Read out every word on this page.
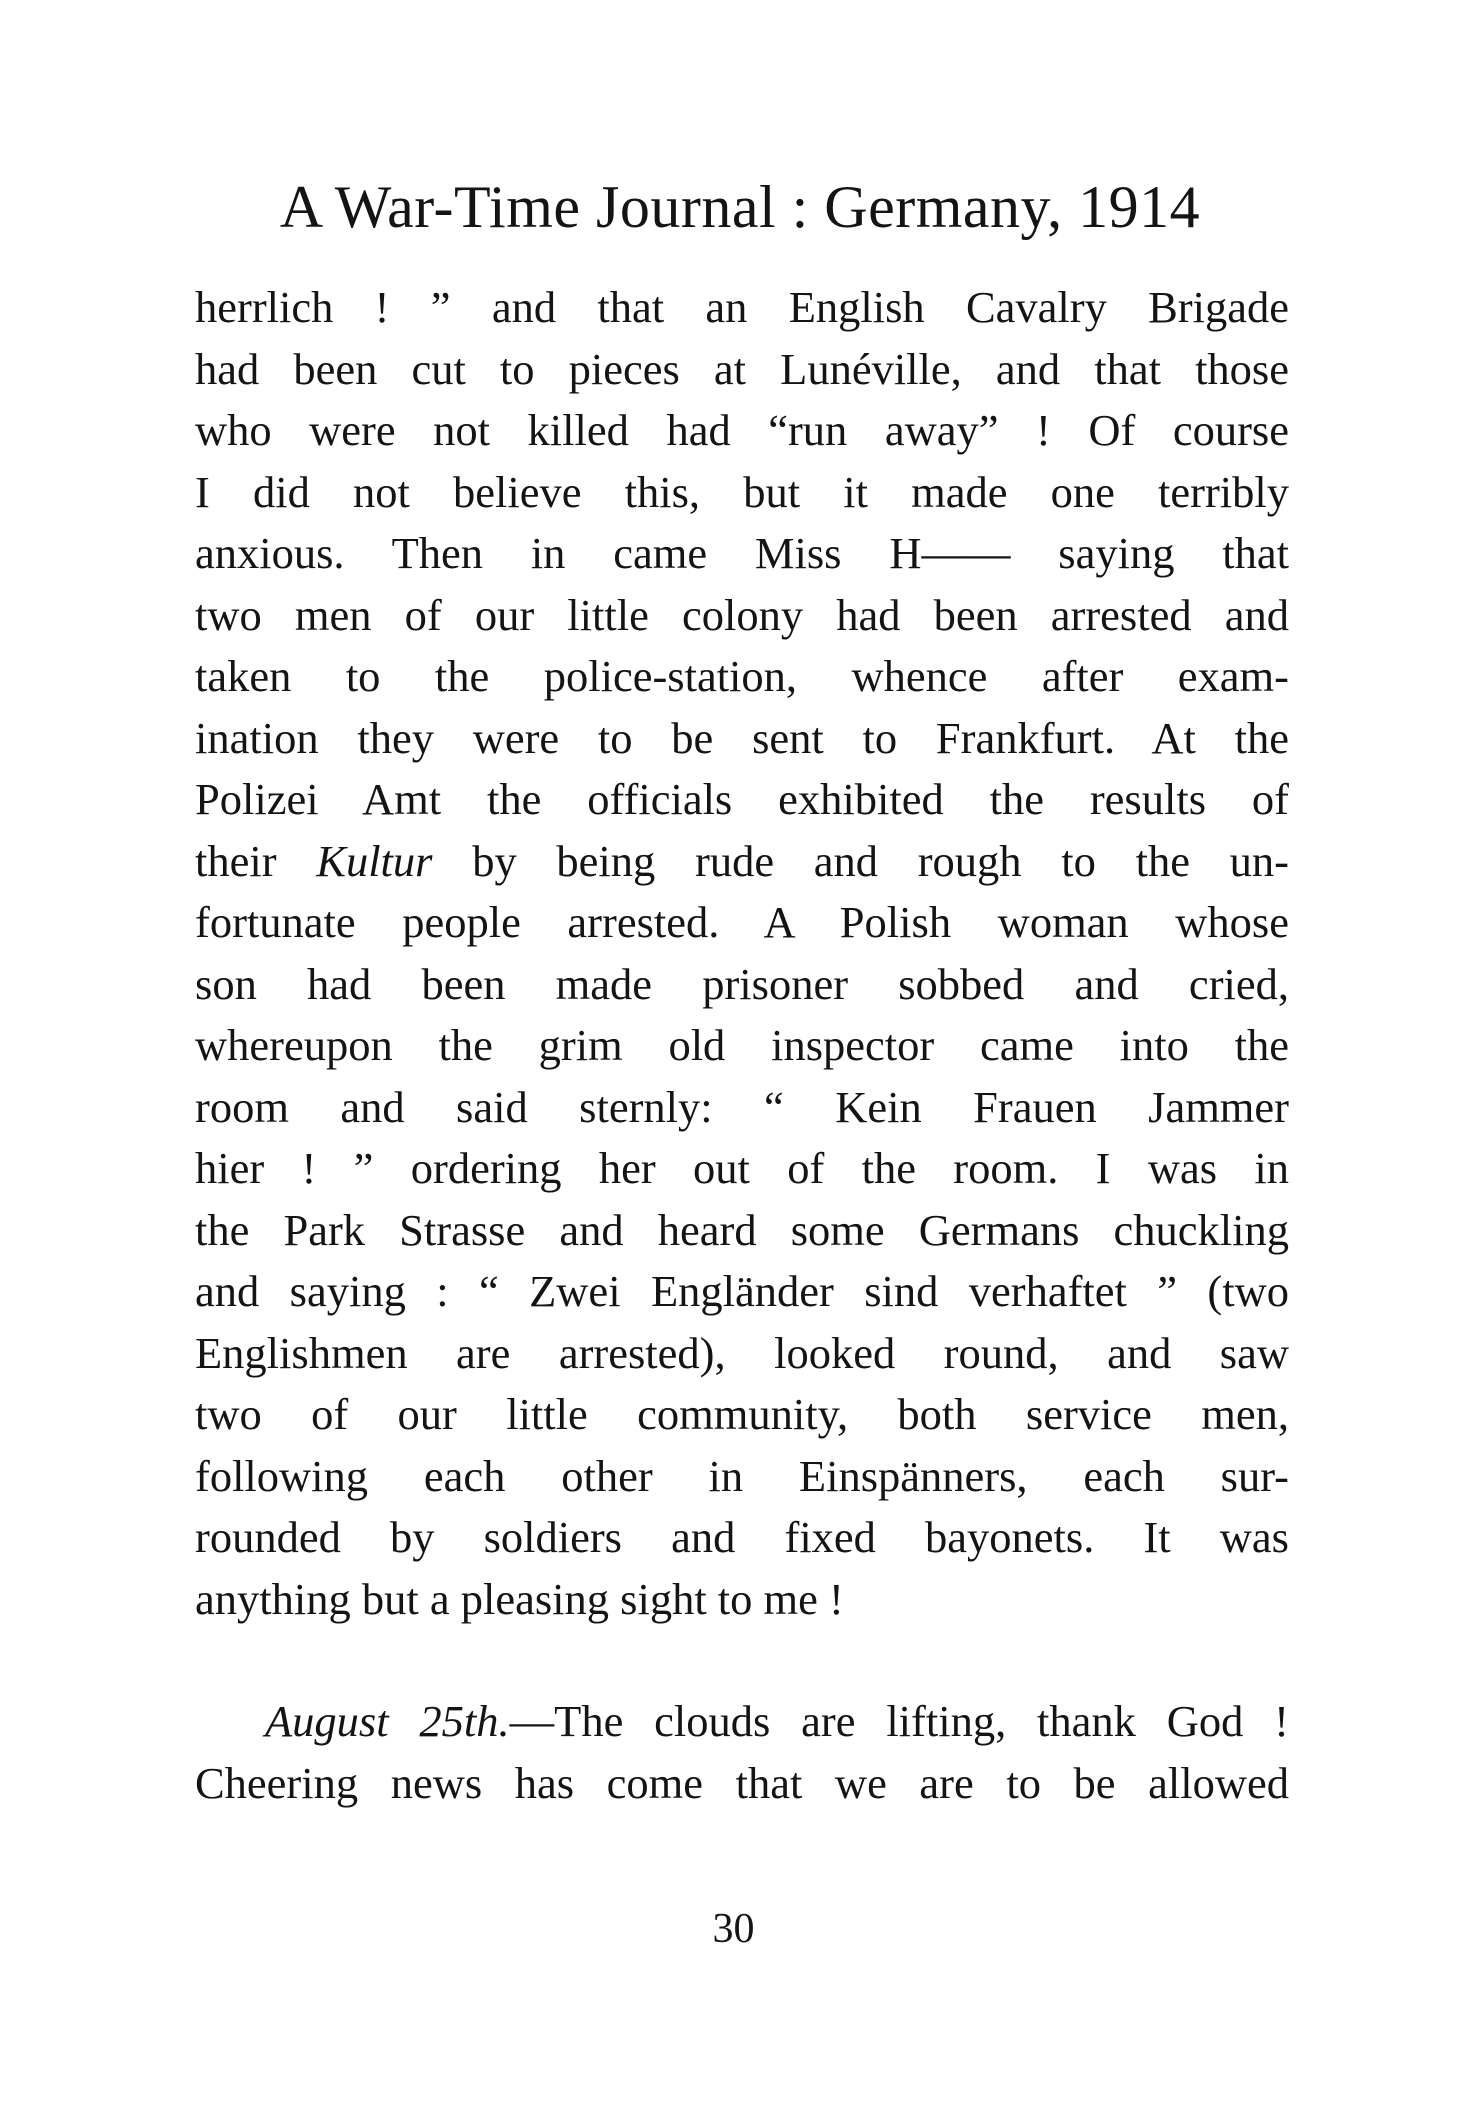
A War-Time Journal : Germany, 1914
herrlich ! ” and that an English Cavalry Brigade
had been cut to pieces at Lunéville, and that those
who were not killed had “run away” ! Of course
I did not believe this, but it made one terribly
anxious. Then in came Miss H—— saying that
two men of our little colony had been arrested and
taken to the police-station, whence after exam-
ination they were to be sent to Frankfurt. At the
Polizei Amt the officials exhibited the results of
their Kultur by being rude and rough to the un-
fortunate people arrested. A Polish woman whose
son had been made prisoner sobbed and cried,
whereupon the grim old inspector came into the
room and said sternly: “ Kein Frauen Jammer
hier ! ” ordering her out of the room. I was in
the Park Strasse and heard some Germans chuckling
and saying : “ Zwei Engländer sind verhaftet ” (two
Englishmen are arrested), looked round, and saw
two of our little community, both service men,
following each other in Einspänners, each sur-
rounded by soldiers and fixed bayonets. It was
anything but a pleasing sight to me !
August 25th.—The clouds are lifting, thank God !
Cheering news has come that we are to be allowed
30
